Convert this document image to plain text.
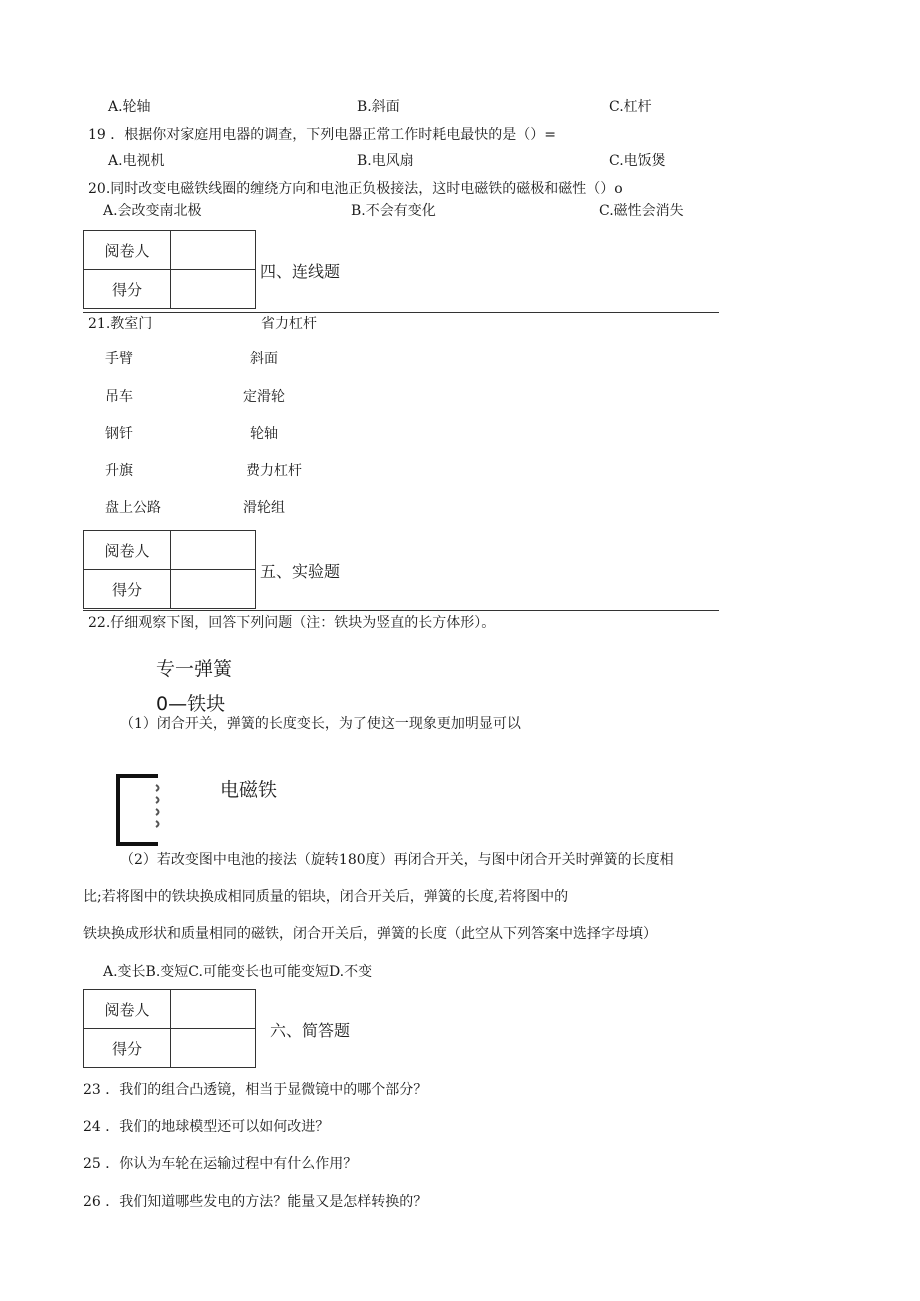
A.轮轴	B.斜面	C.杠杆
19 ．根据你对家庭用电器的调查，下列电器正常工作时耗电最快的是（）=
A.电视机	B.电风扇	C.电饭煲
20.同时改变电磁铁线圈的缠绕方向和电池正负极接法，这时电磁铁的磁极和磁性（）o
A.会改变南北极	B.不会有变化	C.磁性会消失
阅卷人	
得分	
四、连线题
21.教室门	省力杠杆
手臂	斜面
吊车	定滑轮
钢钎	轮轴
升旗	费力杠杆
盘上公路	滑轮组
阅卷人	
得分	
五、实验题
22.仔细观察下图，回答下列问题（注：铁块为竖直的长方体形）。
专一弹簧
0—铁块
（1）闭合开关，弹簧的长度变长，为了使这一现象更加明显可以
电磁铁
（2）若改变图中电池的接法（旋转180度）再闭合开关，与图中闭合开关时弹簧的长度相
比;若将图中的铁块换成相同质量的铝块，闭合开关后，弹簧的长度,若将图中的
铁块换成形状和质量相同的磁铁，闭合开关后，弹簧的长度（此空从下列答案中选择字母填）
A.变长B.变短C.可能变长也可能变短D.不变
阅卷人	
得分	
六、简答题
23 ．我们的组合凸透镜，相当于显微镜中的哪个部分？
24 ．我们的地球模型还可以如何改进？
25 ．你认为车轮在运输过程中有什么作用？
26 ．我们知道哪些发电的方法？能量又是怎样转换的？
